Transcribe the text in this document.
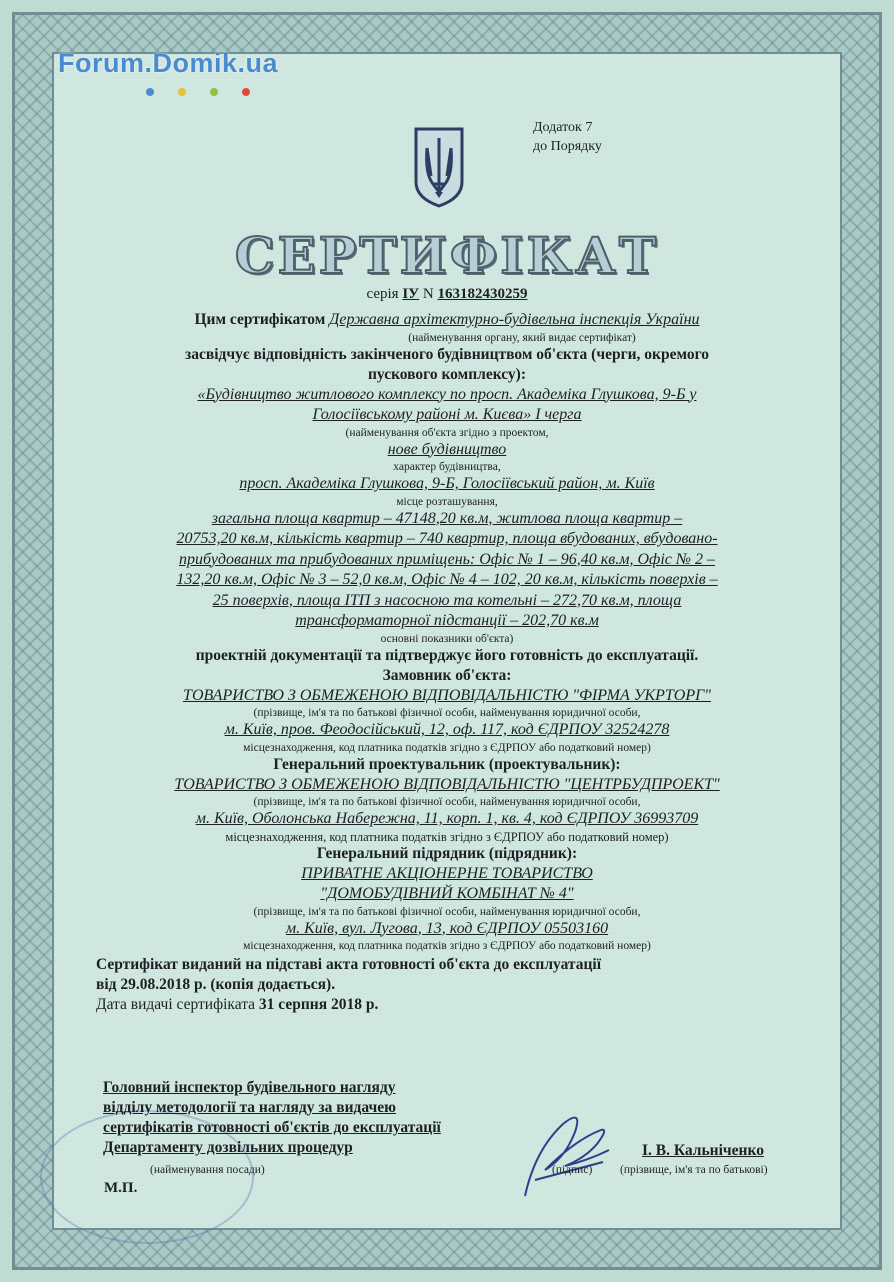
Forum.Domik.ua
Додаток 7
до Порядку
СЕРТИФІКАТ
серія ІУ N 163182430259
Цим сертифікатом Державна архітектурно-будівельна інспекція України
(найменування органу, який видає сертифікат)
засвідчує відповідність закінченого будівництвом об'єкта (черги, окремого
пускового комплексу):
«Будівництво житлового комплексу по просп. Академіка Глушкова, 9-Б у
Голосіївському районі м. Києва» І черга
(найменування об'єкта згідно з проектом,
нове будівництво
характер будівництва,
просп. Академіка Глушкова, 9-Б, Голосіївський район, м. Київ
місце розташування,
загальна площа квартир – 47148,20 кв.м, житлова площа квартир –
20753,20 кв.м, кількість квартир – 740 квартир, площа вбудованих, вбудовано-
прибудованих та прибудованих приміщень: Офіс № 1 – 96,40 кв.м, Офіс № 2 –
132,20 кв.м, Офіс № 3 – 52,0 кв.м, Офіс № 4 – 102, 20 кв.м, кількість поверхів –
25 поверхів, площа ІТП з насосною та котельні – 272,70 кв.м, площа
трансформаторної підстанції – 202,70 кв.м
основні показники об'єкта)
проектній документації та підтверджує його готовність до експлуатації.
Замовник об'єкта:
ТОВАРИСТВО З ОБМЕЖЕНОЮ ВІДПОВІДАЛЬНІСТЮ "ФІРМА УКРТОРГ"
(прізвище, ім'я та по батькові фізичної особи, найменування юридичної особи,
м. Київ, пров. Феодосійський, 12, оф. 117, код ЄДРПОУ 32524278
місцезнаходження, код платника податків згідно з ЄДРПОУ або податковий номер)
Генеральний проектувальник (проектувальник):
ТОВАРИСТВО З ОБМЕЖЕНОЮ ВІДПОВІДАЛЬНІСТЮ "ЦЕНТРБУДПРОЕКТ"
(прізвище, ім'я та по батькові фізичної особи, найменування юридичної особи,
м. Київ, Оболонська Набережна, 11, корп. 1, кв. 4, код ЄДРПОУ 36993709
місцезнаходження, код платника податків згідно з ЄДРПОУ або податковий номер)
Генеральний підрядник (підрядник):
ПРИВАТНЕ АКЦІОНЕРНЕ ТОВАРИСТВО
"ДОМОБУДІВНИЙ КОМБІНАТ № 4"
(прізвище, ім'я та по батькові фізичної особи, найменування юридичної особи,
м. Київ, вул. Лугова, 13, код ЄДРПОУ 05503160
місцезнаходження, код платника податків згідно з ЄДРПОУ або податковий номер)
Сертифікат виданий на підставі акта готовності об'єкта до експлуатації
від 29.08.2018 р. (копія додається).
Дата видачі сертифіката 31 серпня 2018 р.
Головний інспектор будівельного нагляду
відділу методології та нагляду за видачею
сертифікатів готовності об'єктів до експлуатації
Департаменту дозвільних процедур	І. В. Кальніченко
(найменування посади)	(підпис) (прізвище, ім'я та по батькові)
М.П.
